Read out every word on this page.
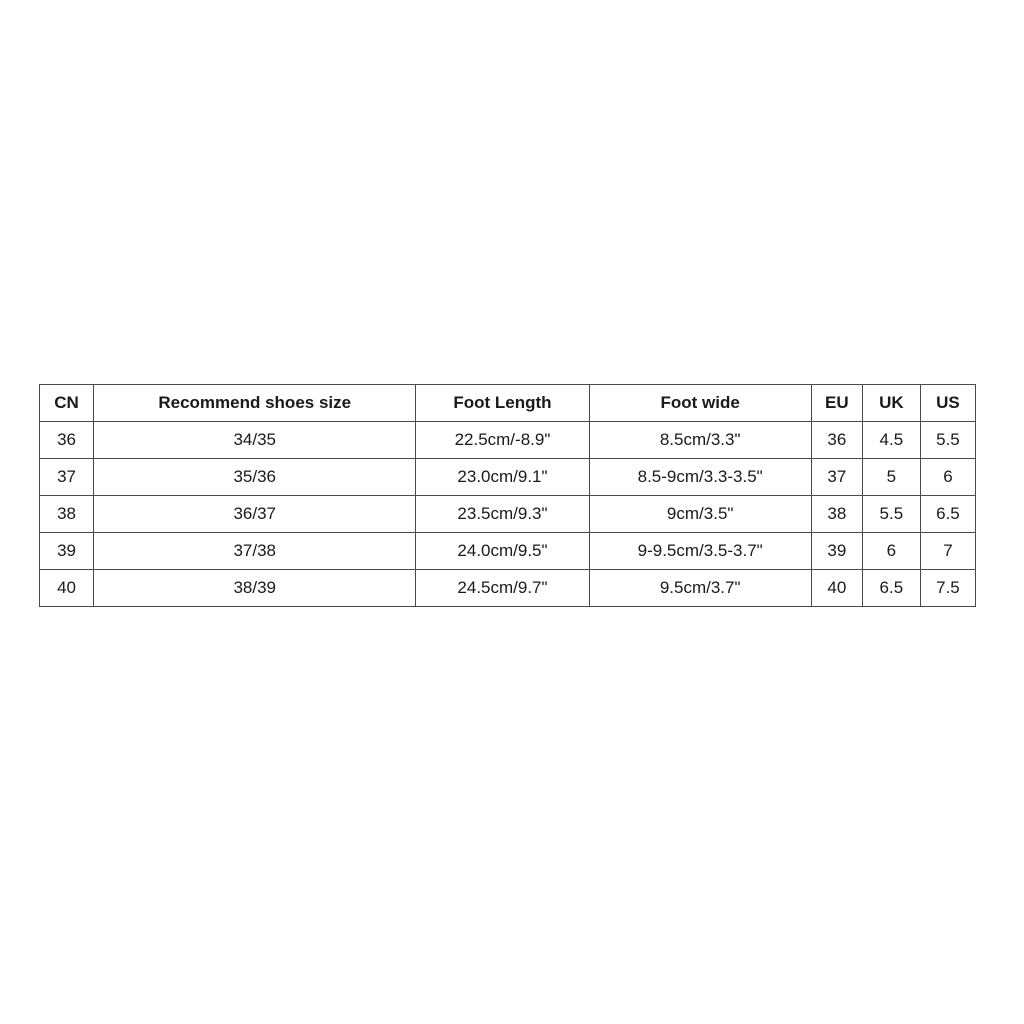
CN	Recommend shoes size	Foot Length	Foot wide	EU	UK	US
36	34/35	22.5cm/-8.9"	8.5cm/3.3"	36	4.5	5.5
37	35/36	23.0cm/9.1"	8.5-9cm/3.3-3.5"	37	5	6
38	36/37	23.5cm/9.3"	9cm/3.5"	38	5.5	6.5
39	37/38	24.0cm/9.5"	9-9.5cm/3.5-3.7"	39	6	7
40	38/39	24.5cm/9.7"	9.5cm/3.7"	40	6.5	7.5
